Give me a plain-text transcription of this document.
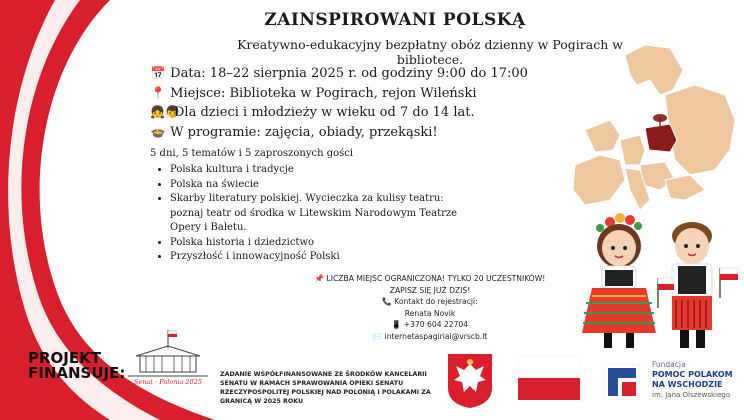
ZAINSPIROWANI POLSKĄ
Kreatywno-edukacyjny bezpłatny obóz dzienny w Pogirach w bibliotece.
📅 Data: 18–22 sierpnia 2025 r. od godziny 9:00 do 17:00
📍 Miejsce: Biblioteka w Pogirach, rejon Wileński
👧👦Dla dzieci i młodzieży w wieku od 7 do 14 lat.
🍲 W programie: zajęcia, obiady, przekąski!
5 dni, 5 tematów i 5 zaproszonych gości
• Polska kultura i tradycje
• Polska na świecie
• Skarby literatury polskiej. Wycieczka za kulisy teatru: poznaj teatr od środka w Litewskim Narodowym Teatrze Opery i Baletu.
• Polska historia i dziedzictwo
• Przyszłość i innowacyjność Polski
📌 LICZBA MIEJSC OGRANICZONA! TYLKO 20 UCZESTNIKÓW!
ZAPISZ SIĘ JUŻ DZIŚ!
📞 Kontakt do rejestracji:
Renata Novik
📱 +370 604 22704
✉️ internetaspagiriai@vrscb.lt
PROJEKT
FINANSUJE: Senat · Polonia 2025
ZADANIE WSPÓŁFINANSOWANE ZE ŚRODKÓW KANCELARII SENATU W RAMACH SPRAWOWANIA OPIEKI SENATU RZECZYPOSPOLITEJ POLSKIEJ NAD POLONIĄ I POLAKAMI ZA GRANICĄ W 2025 ROKU
Fundacja
POMOC POLAKOM
NA WSCHODZIE
im. Jana Olszewskiego
